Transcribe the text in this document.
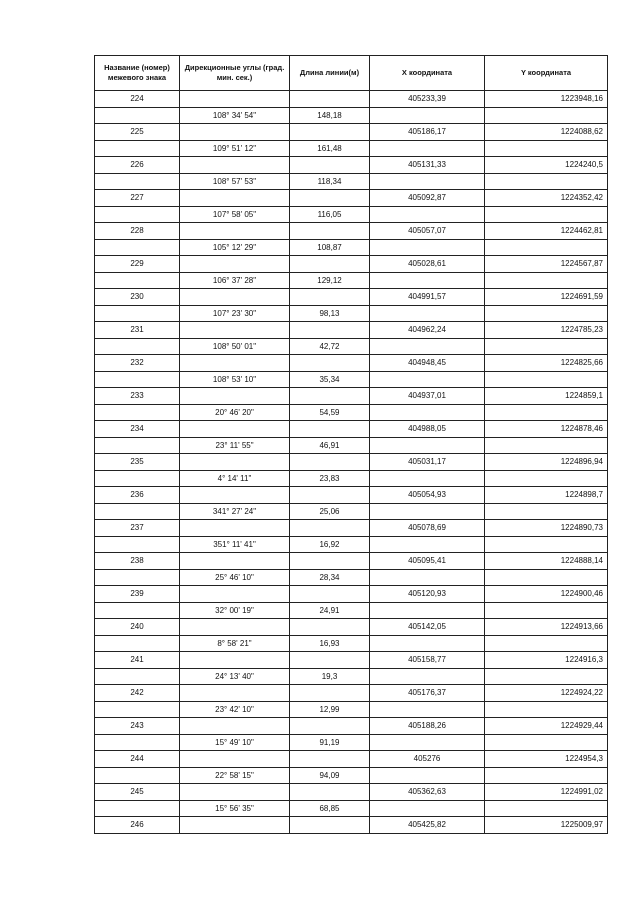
Название (номер) межевого знака	Дирекционные углы (град. мин. сек.)	Длина линии(м)	X координата	Y координата
224			405233,39	1223948,16
	108° 34' 54"	148,18		
225			405186,17	1224088,62
	109° 51' 12"	161,48		
226			405131,33	1224240,5
	108° 57' 53"	118,34		
227			405092,87	1224352,42
	107° 58' 05"	116,05		
228			405057,07	1224462,81
	105° 12' 29"	108,87		
229			405028,61	1224567,87
	106° 37' 28"	129,12		
230			404991,57	1224691,59
	107° 23' 30"	98,13		
231			404962,24	1224785,23
	108° 50' 01"	42,72		
232			404948,45	1224825,66
	108° 53' 10"	35,34		
233			404937,01	1224859,1
	20° 46' 20"	54,59		
234			404988,05	1224878,46
	23° 11' 55"	46,91		
235			405031,17	1224896,94
	4° 14' 11"	23,83		
236			405054,93	1224898,7
	341° 27' 24"	25,06		
237			405078,69	1224890,73
	351° 11' 41"	16,92		
238			405095,41	1224888,14
	25° 46' 10"	28,34		
239			405120,93	1224900,46
	32° 00' 19"	24,91		
240			405142,05	1224913,66
	8° 58' 21"	16,93		
241			405158,77	1224916,3
	24° 13' 40"	19,3		
242			405176,37	1224924,22
	23° 42' 10"	12,99		
243			405188,26	1224929,44
	15° 49' 10"	91,19		
244			405276	1224954,3
	22° 58' 15"	94,09		
245			405362,63	1224991,02
	15° 56' 35"	68,85		
246			405425,82	1225009,97
